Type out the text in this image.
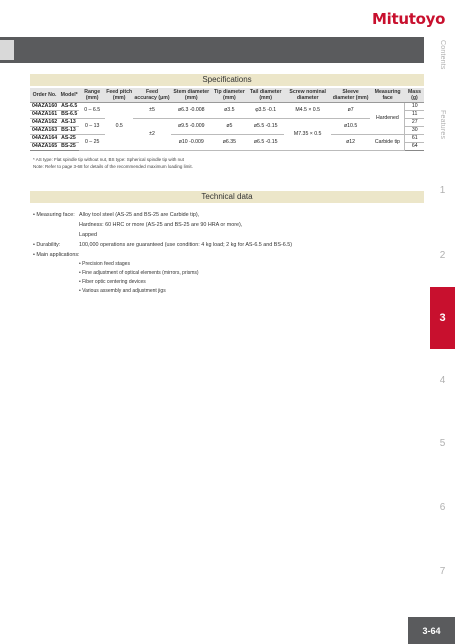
Mitutoyo
Contents
Features
1
2
3
4
5
6
7
Specifications
Order No.	Model*	Range (mm)	Feed pitch (mm)	Feed accuracy (μm)	Stem diameter (mm)	Tip diameter (mm)	Tail diameter (mm)	Screw nominal diameter	Sleeve diameter (mm)	Measuring face	Mass (g)
04AZA160	AS-6.5	0 – 6.5	0.5	±5	ø6.3 -0.008	ø3.5	φ3.5 -0.1	M4.5 × 0.5	ø7	Hardened	10
04AZA161	BS-6.5										11
04AZA162	AS-13	0 – 13		±2	ø9.5 -0.009	ø5	ø5.5 -0.15	M7.35 × 0.5	ø10.5		27
04AZA163	BS-13										30
04AZA164	AS-25	0 – 25			ø10 -0.009	ø6.35	ø6.5 -0.15		ø12	Carbide tip	61
04AZA165	BS-25										64
* AS type: Flat spindle tip without nut, BS type: Spherical spindle tip with nut
Note: Refer to page 3-68 for details of the recommended maximum loading limit.
Technical data
• Measuring face: Alloy tool steel (AS-25 and BS-25 are Carbide tip),
Hardness: 60 HRC or more (AS-25 and BS-25 are 90 HRA or more),
Lapped
• Durability:	100,000 operations are guaranteed (use condition: 4 kg load; 2 kg for AS-6.5 and BS-6.5)
• Main applications:
• Precision feed stages
• Fine adjustment of optical elements (mirrors, prisms)
• Fiber optic centering devices
• Various assembly and adjustment jigs
3-64
